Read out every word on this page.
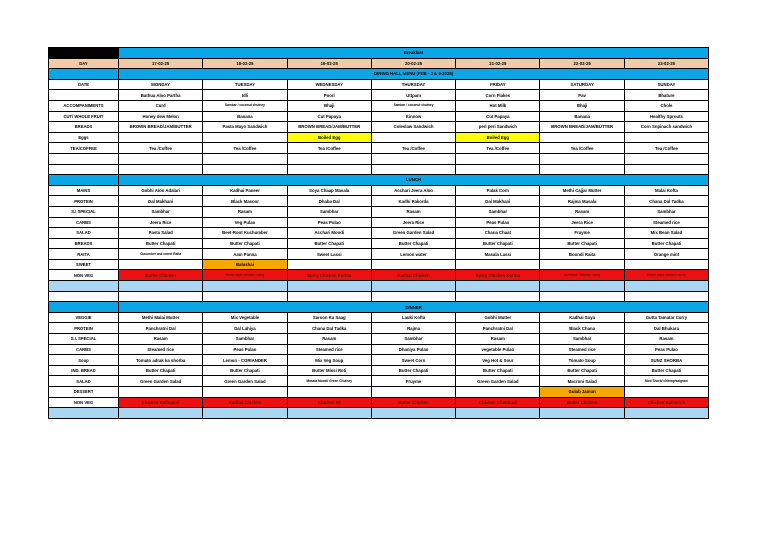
	Breakfast						
DAY	17-02-25	18-02-25	19-02-25	20-02-25	21-02-25	22-02-25	23-02-25
	DINING HALL MENU (FEB - 3 & 4-2025)						
DATE	MONDAY	TUESDAY	WEDNESDAY	THURSDAY	FRIDAY	SATURDAY	SUNDAY
	Bathua Aloo Partha	Idli	Poori	Uttpam	Corn Flakes	Pav	Bhature
ACCOMPANIMENTS	Curd	Sambar / coconut chutney	Bhaji	Sambar / coconut chutney	Hot Milk	Bhaji	Chole
CUT/ WHOLE FRUIT	Honey dew Melon	Banana	Cut Papaya	Kinnow	Cut Papaya	Banana	Healthy Sprouts
BREADS	BROWN BREAD/JAM/BUTTER	Pasta Mayo Sandwich	BROWN BREAD/JAM/BUTTER	Coleslaw Sandwich	peri peri Sandwich	BROWN BREAD/JAM/BUTTER	Corn Snpinach sandwich
Eggs			Boiled Egg		Boiled Egg		
TEA/COFFEE	Tea /Coffee	Tea /Coffee	Tea /Coffee	Tea /Coffee	Tea /Coffee	Tea /Coffee	Tea /Coffee

	LUNCH						
MAINS	Gobhi Aloo Adalari	Kadhai Paneer	Soya Chaap Masala	Acchari Jeera Aloo	Palak Corn	Methi Cajjar Mutter	Malai Kofta
PROTEIN	Dal Makhani	Black Masoor	Dhaba Dal	Kadhi Pakorda	Dal Makhani	Rajma Masala	Chana Dal Tadka
S.I SPECIAL	Sambhar	Rasam	Sambhar	Rasam	Sambhar	Rasam	Sambhar
CARBS	Jeera Rice	Veg Pulao	Peas Pulao	Jeera Rice	Peas Pulao	Jeera Rice	Steamed rice
SALAD	Pasta Salad	Beet-Root Kuchumber	Acchari Moodi	Green Garden Salad	Chana Chaat	Fruyme	Mix Bean Salad
BREADS	Butter Chapati	Butter Chapati	Butter Chapati	Butter Chapati	Butter Chapati	Butter Chapati	Butter Chapati
RAITA	Cucumber and carrot Raita	Aam Panna	Sweet Lassi	Lemon water	Masala Lassi	Boondi Raita	Orange mint
SWEET		Balushai					
NON VEG	Butter Chicken	Home style chicken curry	Spicy Chicken Korma	Kadhai Chicken	Spicy Chicken Korma	Amritsari Chicken curry	Home style chicken curry

	DINNER						
VEGGIE	Methi Malai Mutter	Mix Vegetable	Sarson Ka Saag	Lauki Kofta	Gobhi Mutter	Kadhai Soya	Gutta Tamatar Curry
PROTEIN	Panchratni Dal	Dal Lahiya	Chana Dal Tadka	Rajma	Panchratni Dal	Black Chana	Dal Bhukara
S.I. SPECIAL	Rasam	Sambhar	Rasam	Sambhar	Rasam	Sambhar	Rasam
CARBS	Steamed rice	Peas Pulao	Steamed rice	Dhaniya Pulao	vegetable Pulao	Steamed rice	Peas Pulao
Soup	Tomato adrak ka shorba	Lemon - CORIANDER	Mix Veg Soup	Sweet Corn	Veg Hot & Sour	Tomato Soup	SUNZ SHORBA
IND. BREAD	Butter Chapati	Butter Chapati	Butter Missi Roti	Butter Chapati	Butter Chapati	Butter Chapati	Butter Chapati
SALAD	Green Garden Salad	Green Garden Salad	Masala Moodi/ Green Chutney	Fruyme	Green Garden Salad	Macroni Salad	Moti Shorb/ chitnap/salgram
DESSERT						Gulab Jamun	
NON VEG	Chicken Kolhapuri	Kadhai Chicken	Chicken 65	Butter Chicken	Chicken Chettinad	Butter Chicken	Chicken Kalimirch
